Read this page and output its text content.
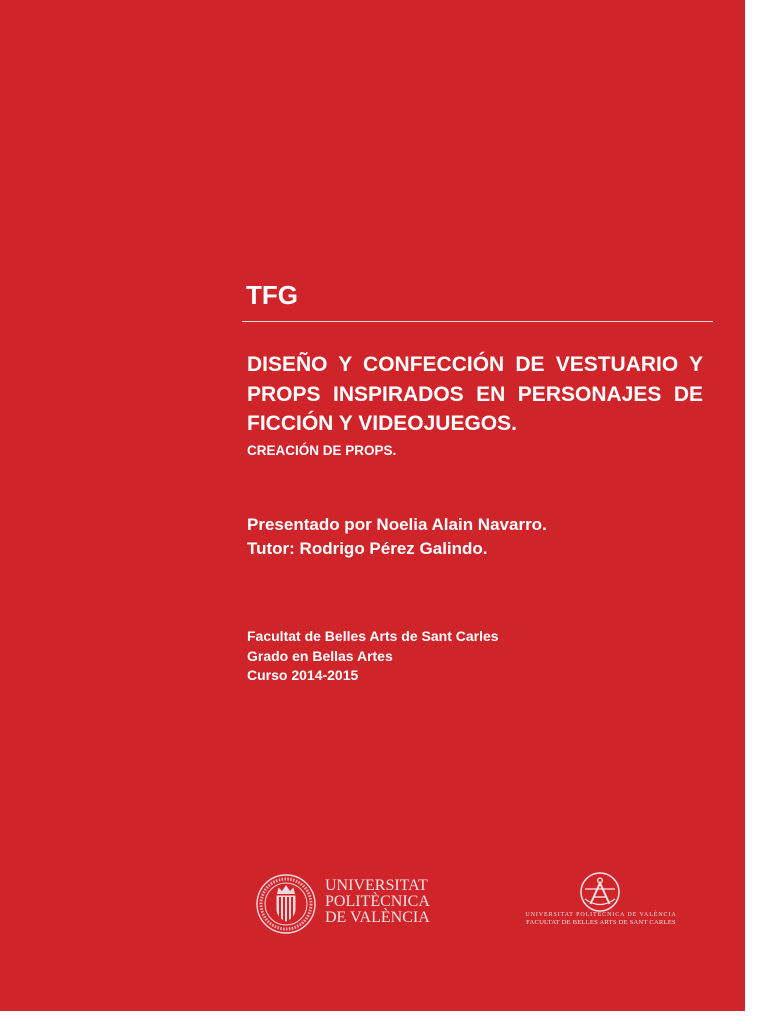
TFG

DISEÑO Y CONFECCIÓN DE VESTUARIO Y PROPS INSPIRADOS EN PERSONAJES DE FICCIÓN Y VIDEOJUEGOS.

CREACIÓN DE PROPS.
Presentado por Noelia Alain Navarro.
Tutor: Rodrigo Pérez Galindo.
Facultat de Belles Arts de Sant Carles
Grado en Bellas Artes
Curso 2014-2015
UNIVERSITAT
POLITÈCNICA
DE VALÈNCIA	UNIVERSITAT POLITÈCNICA DE VALÈNCIA
FACULTAT DE BELLES ARTS DE SANT CARLES
